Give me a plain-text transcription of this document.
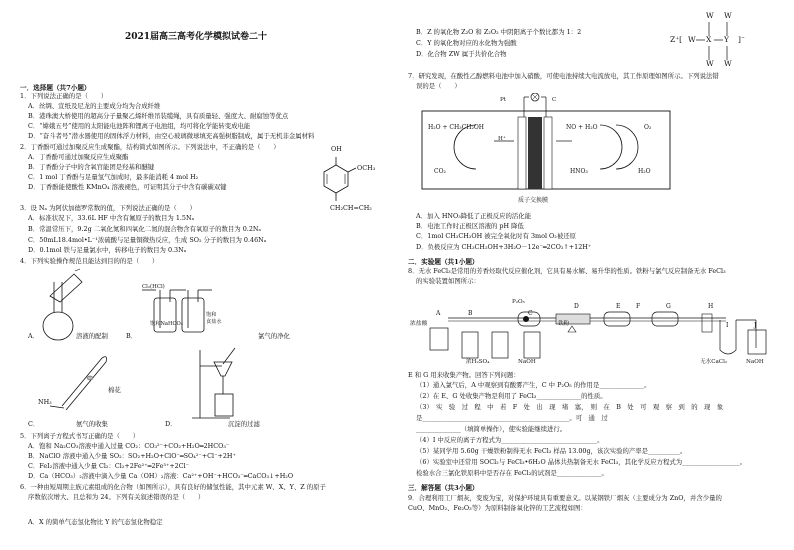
2021届高三高考化学模拟试卷二十
一．选择题（共7小题）
1．下列说法正确的是（　　）
A．丝绸、宣纸及尼龙的主要成分均为合成纤维
B．港珠澳大桥使用的超高分子量聚乙烯纤维吊装缆绳，具有质量轻、强度大、耐腐蚀等优点
C．“嫦娥五号”使用的太阳能电池阵和锂离子电池组，均可将化学能转变成电能
D．“奋斗者号”潜水器使用的固体浮力材料，由空心玻璃微球填充高强树脂制成，属于无机非金属材料
2．丁香酚可通过加聚反应生成聚酯，结构简式如图所示。下列说法中，不正确的是（　　）
A．丁香酚可通过加聚反应生成聚酯
B．丁香酚分子中的含氧官能团是羟基和醚键
C．1 mol 丁香酚与足量氢气加成时，最多能消耗 4 mol H₂
D．丁香酚能使酸性 KMnO₄ 溶液褪色，可证明其分子中含有碳碳双键
OH
OCH₃
CH₂CH=CH₂
3．设 Nₐ 为阿伏加德罗常数的值，下列说法正确的是（　　）
A．标准状况下，33.6L HF 中含有氟原子的数目为 1.5Nₐ
B．常温常压下，9.2g 二氧化氮和四氧化二氮的混合物含有氧原子的数目为 0.2Nₐ
C．50mL18.4mol•L⁻¹浓硫酸与足量铜微热反应，生成 SO₂ 分子的数目为 0.46Nₐ
D．0.1mol 铁与足量氯水中，转移电子的数目为 0.3Nₐ
4．下列实验操作规范且能达到目的的是（　　）
A．	溶液的配制	B．	氯气的净化
Cl₂(HCl)
饱和NaHCO₃
饱和
食盐水
NH₃
棉花
C．	氨气的收集	D．	沉淀的过滤
5．下列离子方程式书写正确的是（　　）
A．饱和 Na₂CO₃溶液中通入过量 CO₂：CO₃²⁻+CO₂+H₂O═2HCO₃⁻
B．NaClO 溶液中通入少量 SO₂：SO₂+H₂O+ClO⁻═SO₄²⁻+Cl⁻+2H⁺
C．FeI₂溶液中通入少量 Cl₂：Cl₂+2Fe²⁺═2Fe³⁺+2Cl⁻
D．Ca（HCO₃）₂溶液中滴入少量 Ca（OH）₂溶液：Ca²⁺+OH⁻+HCO₃⁻═CaCO₃↓+H₂O
6．一种由短周期主族元素组成的化合物（如图所示），具有良好的储氢性能，其中元素 W、X、Y、Z 的原子
序数依次增大、且总和为 24。下列有关叙述错误的是（　　）
A．X 的简单气态氢化物比 Y 的气态氢化物稳定
B．Z 的氧化物 Z₂O 和 Z₂O₂ 中阴阳离子个数比都为 1：2
C．Y 的氧化物对应的水化物为强酸
D．化合物 ZW 属于共价化合物
Z⁺[ W X Y ]⁻
W W
W W
7．研究发现，在酸性乙醇燃料电池中加入硝酸，可使电池持续大电流放电，其工作原理如图所示。下列说法错
误的是（　　）
Pt	C
H₂O + CH₃CH₂OH
CO₂
H⁺
NO + H₂O	O₂
HNO₃	H₂O
质子交换膜
A．加入 HNO₃降低了正极反应的活化能
B．电池工作时正极区溶液的 pH 降低
C．1mol CH₃CH₂OH 被完全氧化时有 3mol O₂被还原
D．负极反应为 CH₃CH₂OH+3H₂O－12e⁻═2CO₂↑+12H⁺
二．实验题（共1小题）
8．无水 FeCl₃是常用的芳香烃取代反应催化剂，它具有易水解、易升华的性质。铁粉与氯气反应制备无水 FeCl₃
的实验装置如图所示：
浓盐酸
P₂O₅
铁粉
浓H₂SO₄	NaOH	无水CaCl₂	NaOH
A	B	C
D	E	F	G	H
I	J
E 和 G 用来收集产物。回答下列问题：
（1）通入氯气后，A 中观察到有酸雾产生，C 中 P₂O₅ 的作用是______________。
（2）在 E、G 处收集产物是利用了 FeCl₃______________的性质。
（3）　实　验　过　程　中　若　F　处　出　现　堵　塞，　则　在　B　处　可　观　察　到　的　现　象
是______________________________________________。可　通　过
______________（填简单操作），使实验能继续进行。
（4）I 中反应的离子方程式为______________________________。
（5）某同学用 5.60g 干燥铁粉制得无水 FeCl₃ 样品 13.00g，该次实验的产率是__________。
（6）实验室中还常用 SOCl₂与 FeCl₃•6H₂O 晶体共热制备无水 FeCl₃，其化学反应方程式为__________________。
检验水合三氯化铁原料中是否存在 FeCl₂的试剂是______________。
三．解答题（共3小题）
9．合理利用工厂烟灰，变废为宝，对保护环境具有重要意义。以某钢铁厂烟灰（主要成分为 ZnO，并含少量的
CuO、MnO₂、Fe₂O₃等）为原料制备氧化锌的工艺流程如图：
